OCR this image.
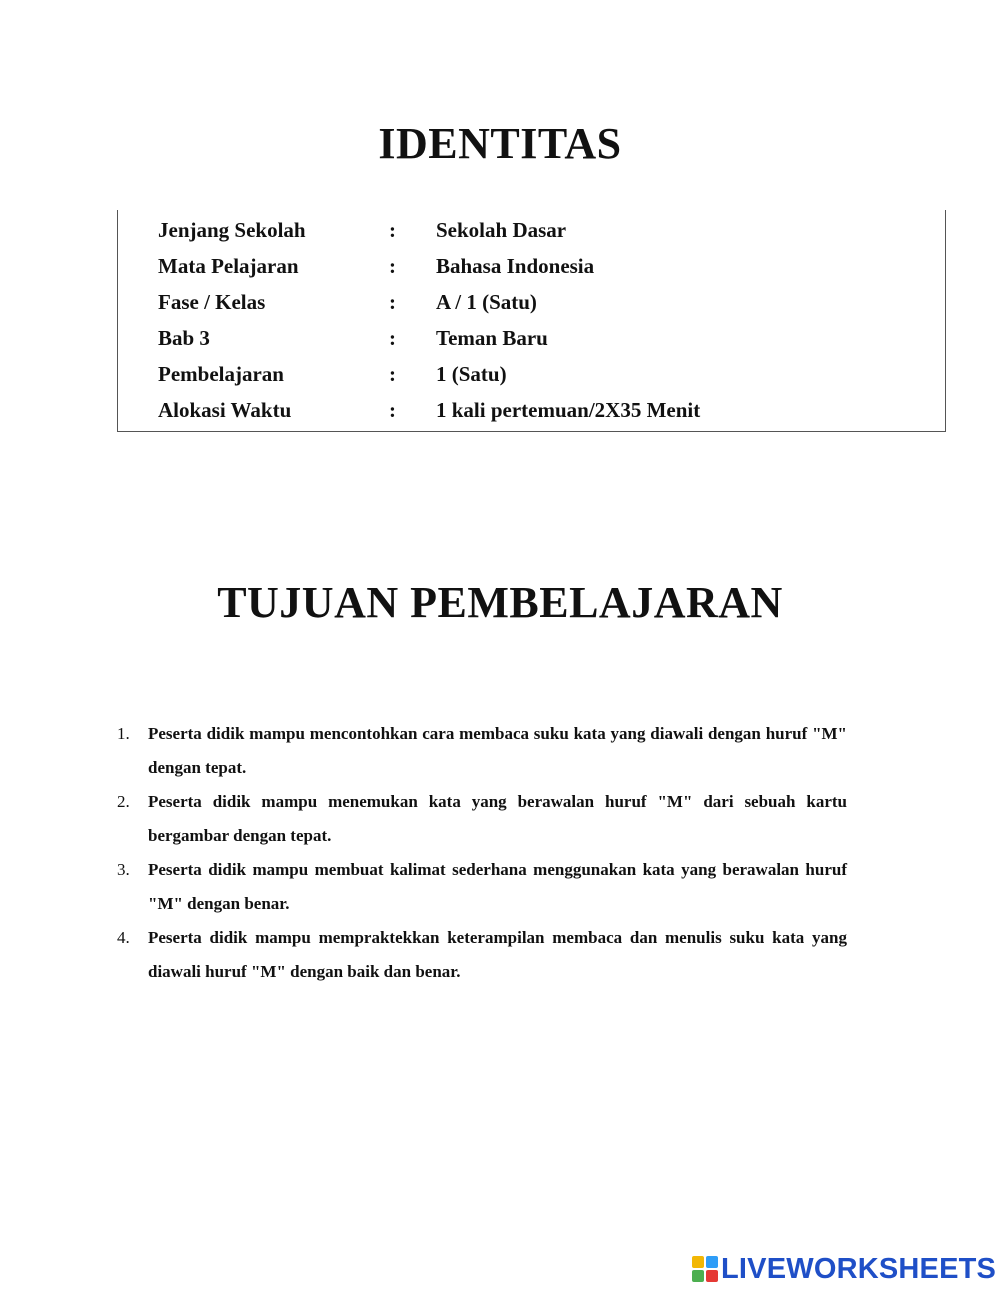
IDENTITAS
Jenjang Sekolah	: Sekolah Dasar
Mata Pelajaran	: Bahasa Indonesia
Fase / Kelas	: A / 1 (Satu)
Bab 3	: Teman Baru
Pembelajaran	: 1 (Satu)
Alokasi Waktu	: 1 kali pertemuan/2X35 Menit
TUJUAN PEMBELAJARAN
1. Peserta didik mampu mencontohkan cara membaca suku kata yang diawali dengan huruf "M" dengan tepat.
2. Peserta didik mampu menemukan kata yang berawalan huruf "M" dari sebuah kartu bergambar dengan tepat.
3. Peserta didik mampu membuat kalimat sederhana menggunakan kata yang berawalan huruf "M" dengan benar.
4. Peserta didik mampu mempraktekkan keterampilan membaca dan menulis suku kata yang diawali huruf "M" dengan baik dan benar.
LIVEWORKSHEETS
